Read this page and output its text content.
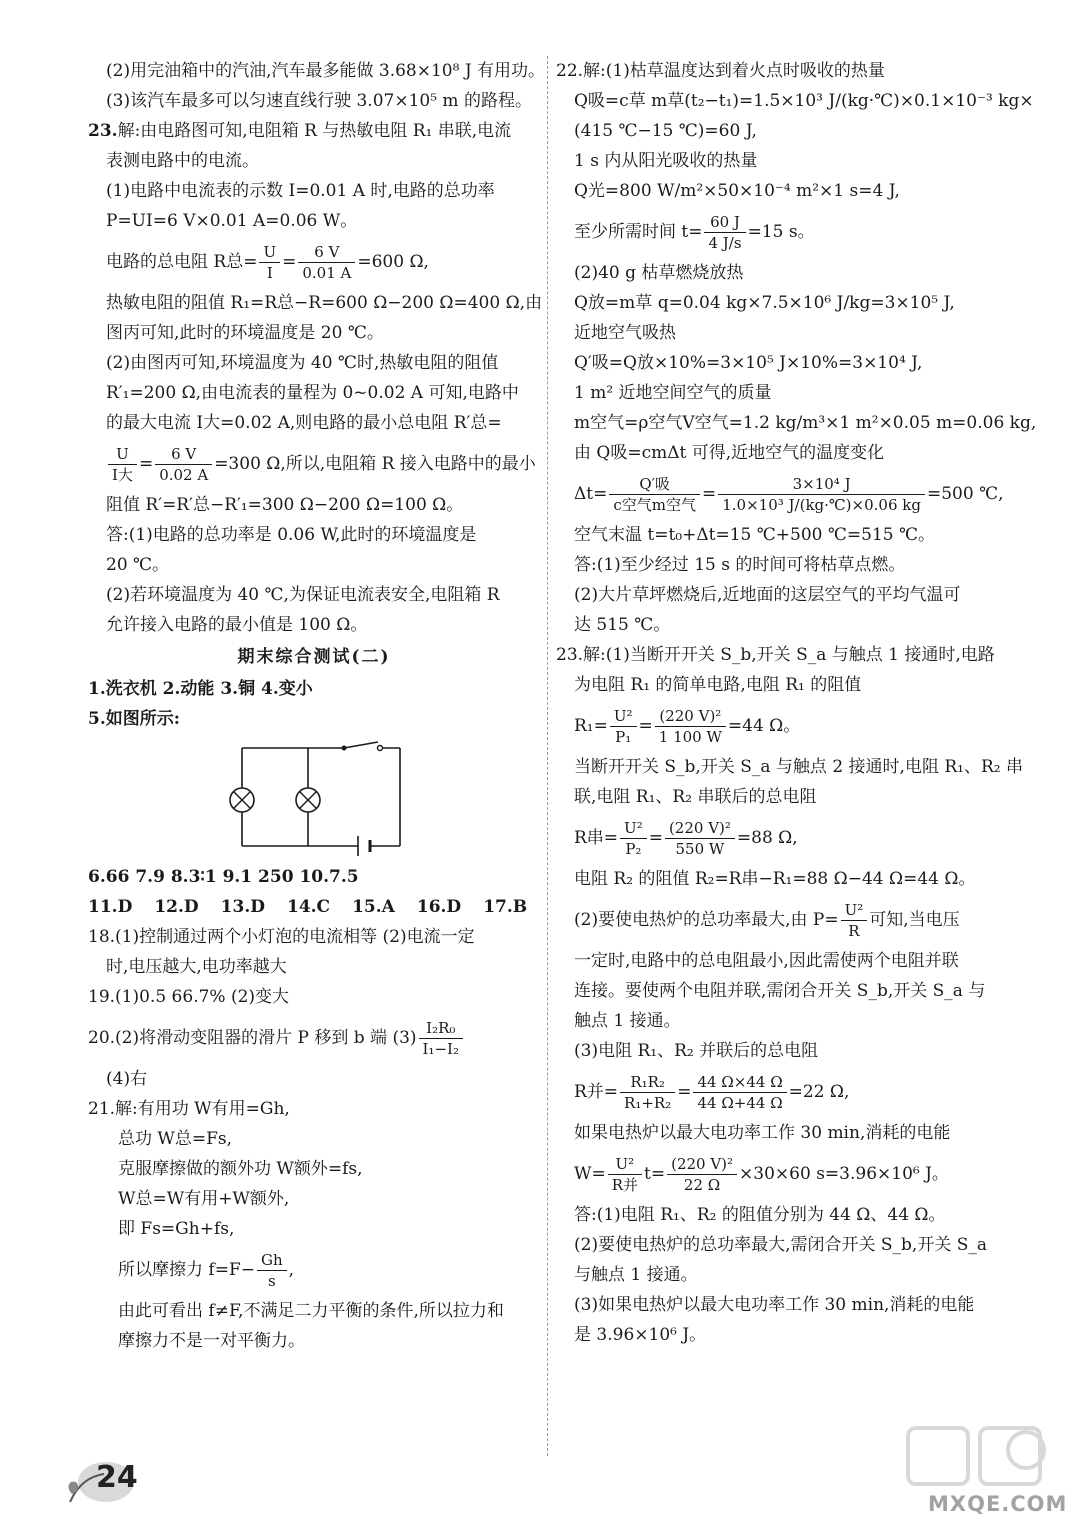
(2)用完油箱中的汽油,汽车最多能做 3.68×10⁸ J 有用功。
(3)该汽车最多可以匀速直线行驶 3.07×10⁵ m 的路程。
23.解:由电路图可知,电阻箱 R 与热敏电阻 R₁ 串联,电流
表测电路中的电流。
(1)电路中电流表的示数 I=0.01 A 时,电路的总功率
P=UI=6 V×0.01 A=0.06 W。
电路的总电阻 R总= $\frac{U}{I} = \frac{6 V}{0.01 A} =600$ Ω,
热敏电阻的阻值 R₁=R总−R=600 Ω−200 Ω=400 Ω,由
图丙可知,此时的环境温度是 20 ℃。
(2)由图丙可知,环境温度为 40 ℃时,热敏电阻的阻值
R′₁=200 Ω,由电流表的量程为 0~0.02 A 可知,电路中
的最大电流 I大=0.02 A,则电路的最小总电阻 R′总=
$\frac{U}{\text{I大}} = \frac{6 V}{0.02 A} =300$ Ω,所以,电阻箱 R 接入电路中的最小
阻值 R′=R′总−R′₁=300 Ω−200 Ω=100 Ω。
答:(1)电路的总功率是 0.06 W,此时的环境温度是
20 ℃。
(2)若环境温度为 40 ℃,为保证电流表安全,电阻箱 R
允许接入电路的最小值是 100 Ω。
期末综合测试(二)
1.洗衣机 2.动能 3.铜 4.变小
5.如图所示:
6.66 7.9 8.3∶1 9.1 250 10.7.5
11.D 12.D 13.D 14.C 15.A 16.D 17.B
18.(1)控制通过两个小灯泡的电流相等 (2)电流一定
时,电压越大,电功率越大
19.(1)0.5 66.7% (2)变大
20.(2)将滑动变阻器的滑片 P 移到 b 端 $(3) \frac{\text{I₂R₀}}{\text{I₁−I₂}}$
(4)右
21.解:有用功 W有用=Gh,
总功 W总=Fs,
克服摩擦做的额外功 W额外=fs,
W总=W有用+W额外,
即 Fs=Gh+fs,
所以摩擦力 $f=F- \frac{Gh}{s}$ ,
由此可看出 f≠F,不满足二力平衡的条件,所以拉力和
摩擦力不是一对平衡力。
22.解:(1)枯草温度达到着火点时吸收的热量
Q吸=c草 m草(t₂−t₁)=1.5×10³ J/(kg·℃)×0.1×10⁻³ kg×
(415 ℃−15 ℃)=60 J,
1 s 内从阳光吸收的热量
Q光=800 W/m²×50×10⁻⁴ m²×1 s=4 J,
至少所需时间 $t= \frac{60 J}{4 J/s} =15$ s。
(2)40 g 枯草燃烧放热
Q放=m草 q=0.04 kg×7.5×10⁶ J/kg=3×10⁵ J,
近地空气吸热
Q′吸=Q放×10%=3×10⁵ J×10%=3×10⁴ J,
1 m² 近地空间空气的质量
m空气=ρ空气V空气=1.2 kg/m³×1 m²×0.05 m=0.06 kg,
由 Q吸=cmΔt 可得,近地空气的温度变化
$\Delta t= \frac{\text{Q′吸}}{\text{c空气m空气}} = \frac{\text{3×10⁴ J}}{\text{1.0×10³ J/(kg·℃)×0.06 kg}} =500$ ℃,
空气末温 t=t₀+Δt=15 ℃+500 ℃=515 ℃。
答:(1)至少经过 15 s 的时间可将枯草点燃。
(2)大片草坪燃烧后,近地面的这层空气的平均气温可
达 515 ℃。
23.解:(1)当断开开关 S_b,开关 S_a 与触点 1 接通时,电路
为电阻 R₁ 的简单电路,电阻 R₁ 的阻值
$R_1= \frac{\text{U²}}{\text{P₁}} = \frac{\text{(220 V)²}}{1 100 W} =44$ Ω。
当断开开关 S_b,开关 S_a 与触点 2 接通时,电阻 R₁、R₂ 串
联,电阻 R₁、R₂ 串联后的总电阻
R串= $\frac{\text{U²}}{\text{P₂}} = \frac{\text{(220 V)²}}{550 W} =88$ Ω,
电阻 R₂ 的阻值 R₂=R串−R₁=88 Ω−44 Ω=44 Ω。
(2)要使电热炉的总功率最大,由 $P= \frac{\text{U²}}{R}$ 可知,当电压
一定时,电路中的总电阻最小,因此需使两个电阻并联
连接。要使两个电阻并联,需闭合开关 S_b,开关 S_a 与
触点 1 接通。
(3)电阻 R₁、R₂ 并联后的总电阻
R并= $\frac{\text{R₁R₂}}{\text{R₁+R₂}} = \frac{44 \Omega\times 44 \Omega}{44 \Omega+44 \Omega} =22$ Ω,
如果电热炉以最大电功率工作 30 min,消耗的电能
$W= \frac{\text{U²}}{\text{R并}} t= \frac{\text{(220 V)²}}{22 \Omega} \times 30\times 60$ s=3.96×10⁶ J。
答:(1)电阻 R₁、R₂ 的阻值分别为 44 Ω、44 Ω。
(2)要使电热炉的总功率最大,需闭合开关 S_b,开关 S_a
与触点 1 接通。
(3)如果电热炉以最大电功率工作 30 min,消耗的电能
是 3.96×10⁶ J。
24
MXQE.COM
